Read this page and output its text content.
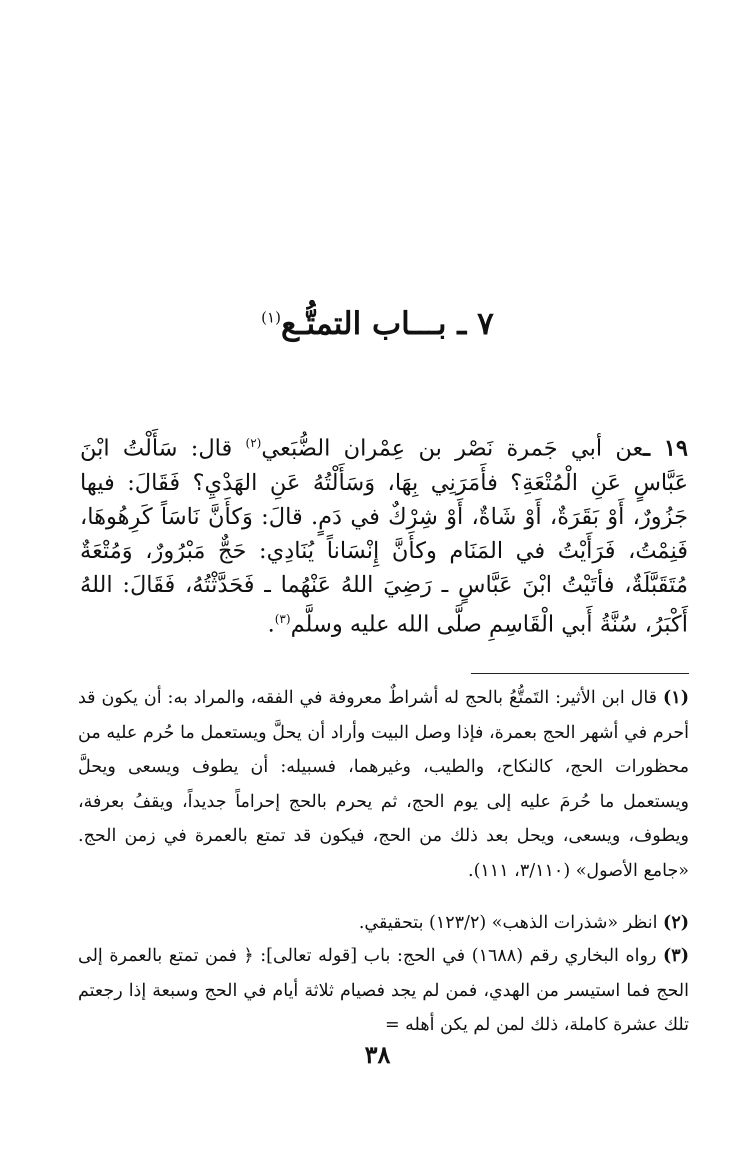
٧ ـ بـــاب التمتُّـع$^{(١)}$
١٩ ـعن أبي جَمرة نَصْر بن عِمْران الضُّبَعي$^{(٢)}$ قال: سَأَلْتُ ابْنَ عَبَّاسٍ عَنِ الْمُتْعَةِ؟ فأَمَرَنِي بِهَا، وَسَأَلْتُهُ عَنِ الهَدْيِ؟ فَقَالَ: فيها جَزُورٌ، أَوْ بَقَرَةٌ، أَوْ شَاةٌ، أَوْ شِرْكٌ في دَمٍ. قالَ: وَكأَنَّ نَاسَاً كَرِهُوهَا، فَنِمْتُ، فَرَأَيْتُ في المَنَام وكأَنَّ إِنْسَاناً يُنَادِي: حَجٌّ مَبْرُورٌ، وَمُتْعَةٌ مُتَقَبَّلَةٌ، فأتَيْتُ ابْنَ عَبَّاسٍ ـ رَضِيَ اللهُ عَنْهُما ـ فَحَدَّثْتُهُ، فَقَالَ: اللهُ أَكْبَرُ، سُنَّةُ أَبي الْقَاسِمِ صلَّى الله عليه وسلَّم$^{(٣)}$.
(١) قال ابن الأثير: التَمتُّعُ بالحج له أشراطٌ معروفة في الفقه، والمراد به: أن يكون قد أحرم في أشهر الحج بعمرة، فإذا وصل البيت وأراد أن يحلَّ ويستعمل ما حُرم عليه من محظورات الحج، كالنكاح، والطيب، وغيرهما، فسبيله: أن يطوف ويسعى ويحلَّ ويستعمل ما حُرمَ عليه إلى يوم الحج، ثم يحرم بالحج إحراماً جديداً، ويقفُ بعرفة، ويطوف، ويسعى، ويحل بعد ذلك من الحج، فيكون قد تمتع بالعمرة في زمن الحج. «جامع الأصول» (٣/١١٠، ١١١).
(٢) انظر «شذرات الذهب» (١٢٣/٢) بتحقيقي.
(٣) رواه البخاري رقم (١٦٨٨) في الحج: باب [قوله تعالى]: ﴿ فمن تمتع بالعمرة إلى الحج فما استيسر من الهدي، فمن لم يجد فصيام ثلاثة أيام في الحج وسبعة إذا رجعتم تلك عشرة كاملة، ذلك لمن لم يكن أهله =
٣٨
